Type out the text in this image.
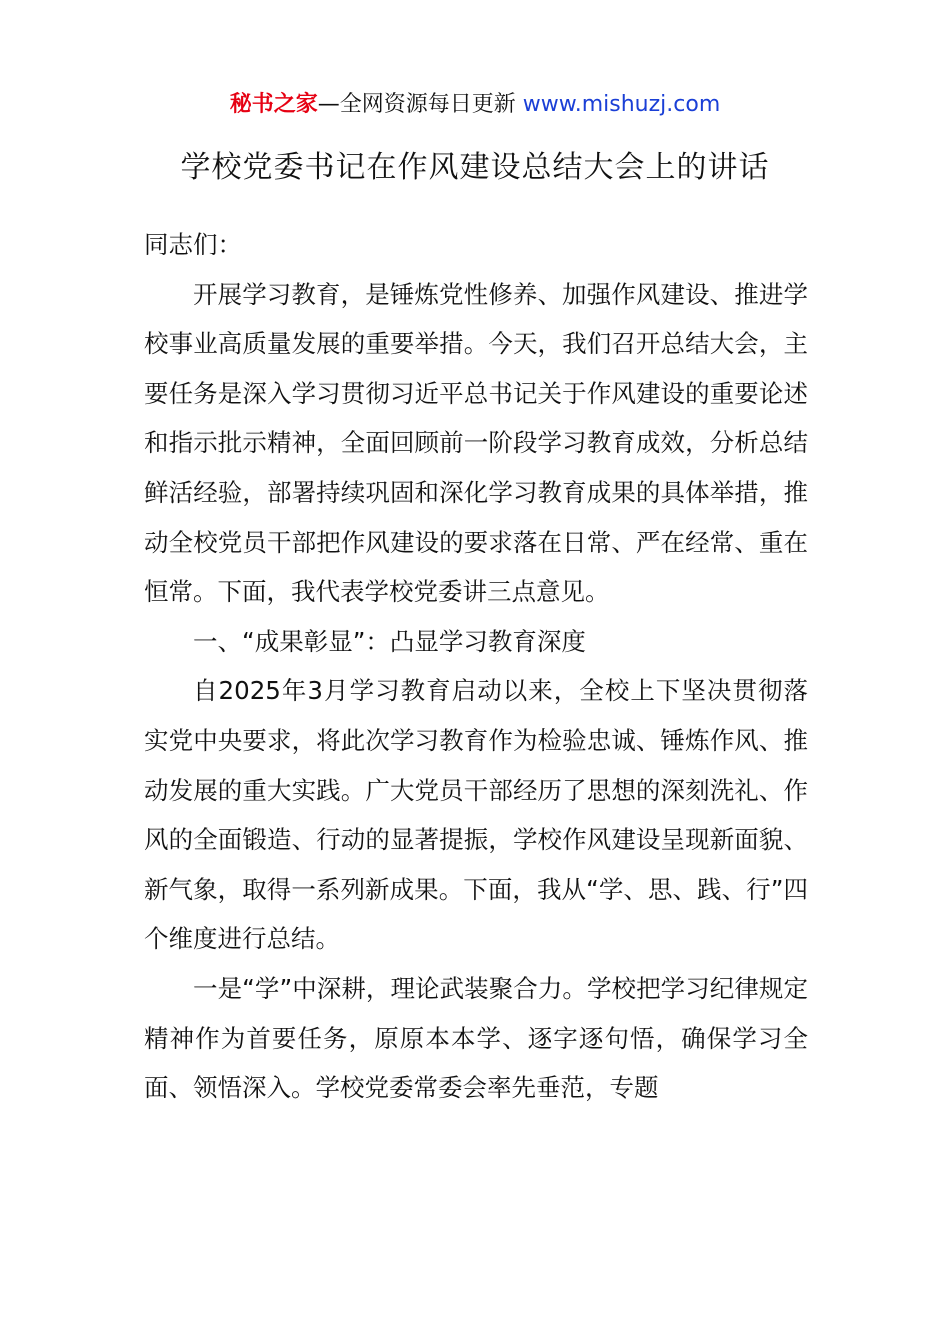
秘书之家—全网资源每日更新 www.mishuzj.com
学校党委书记在作风建设总结大会上的讲话

同志们：

开展学习教育，是锤炼党性修养、加强作风建设、推进学校事业高质量发展的重要举措。今天，我们召开总结大会，主要任务是深入学习贯彻习近平总书记关于作风建设的重要论述和指示批示精神，全面回顾前一阶段学习教育成效，分析总结鲜活经验，部署持续巩固和深化学习教育成果的具体举措，推动全校党员干部把作风建设的要求落在日常、严在经常、重在恒常。下面，我代表学校党委讲三点意见。

一、“成果彰显”：凸显学习教育深度

自2025年3月学习教育启动以来，全校上下坚决贯彻落实党中央要求，将此次学习教育作为检验忠诚、锤炼作风、推动发展的重大实践。广大党员干部经历了思想的深刻洗礼、作风的全面锻造、行动的显著提振，学校作风建设呈现新面貌、新气象，取得一系列新成果。下面，我从“学、思、践、行”四个维度进行总结。

一是“学”中深耕，理论武装聚合力。学校把学习纪律规定精神作为首要任务，原原本本学、逐字逐句悟，确保学习全面、领悟深入。学校党委常委会率先垂范，专题
